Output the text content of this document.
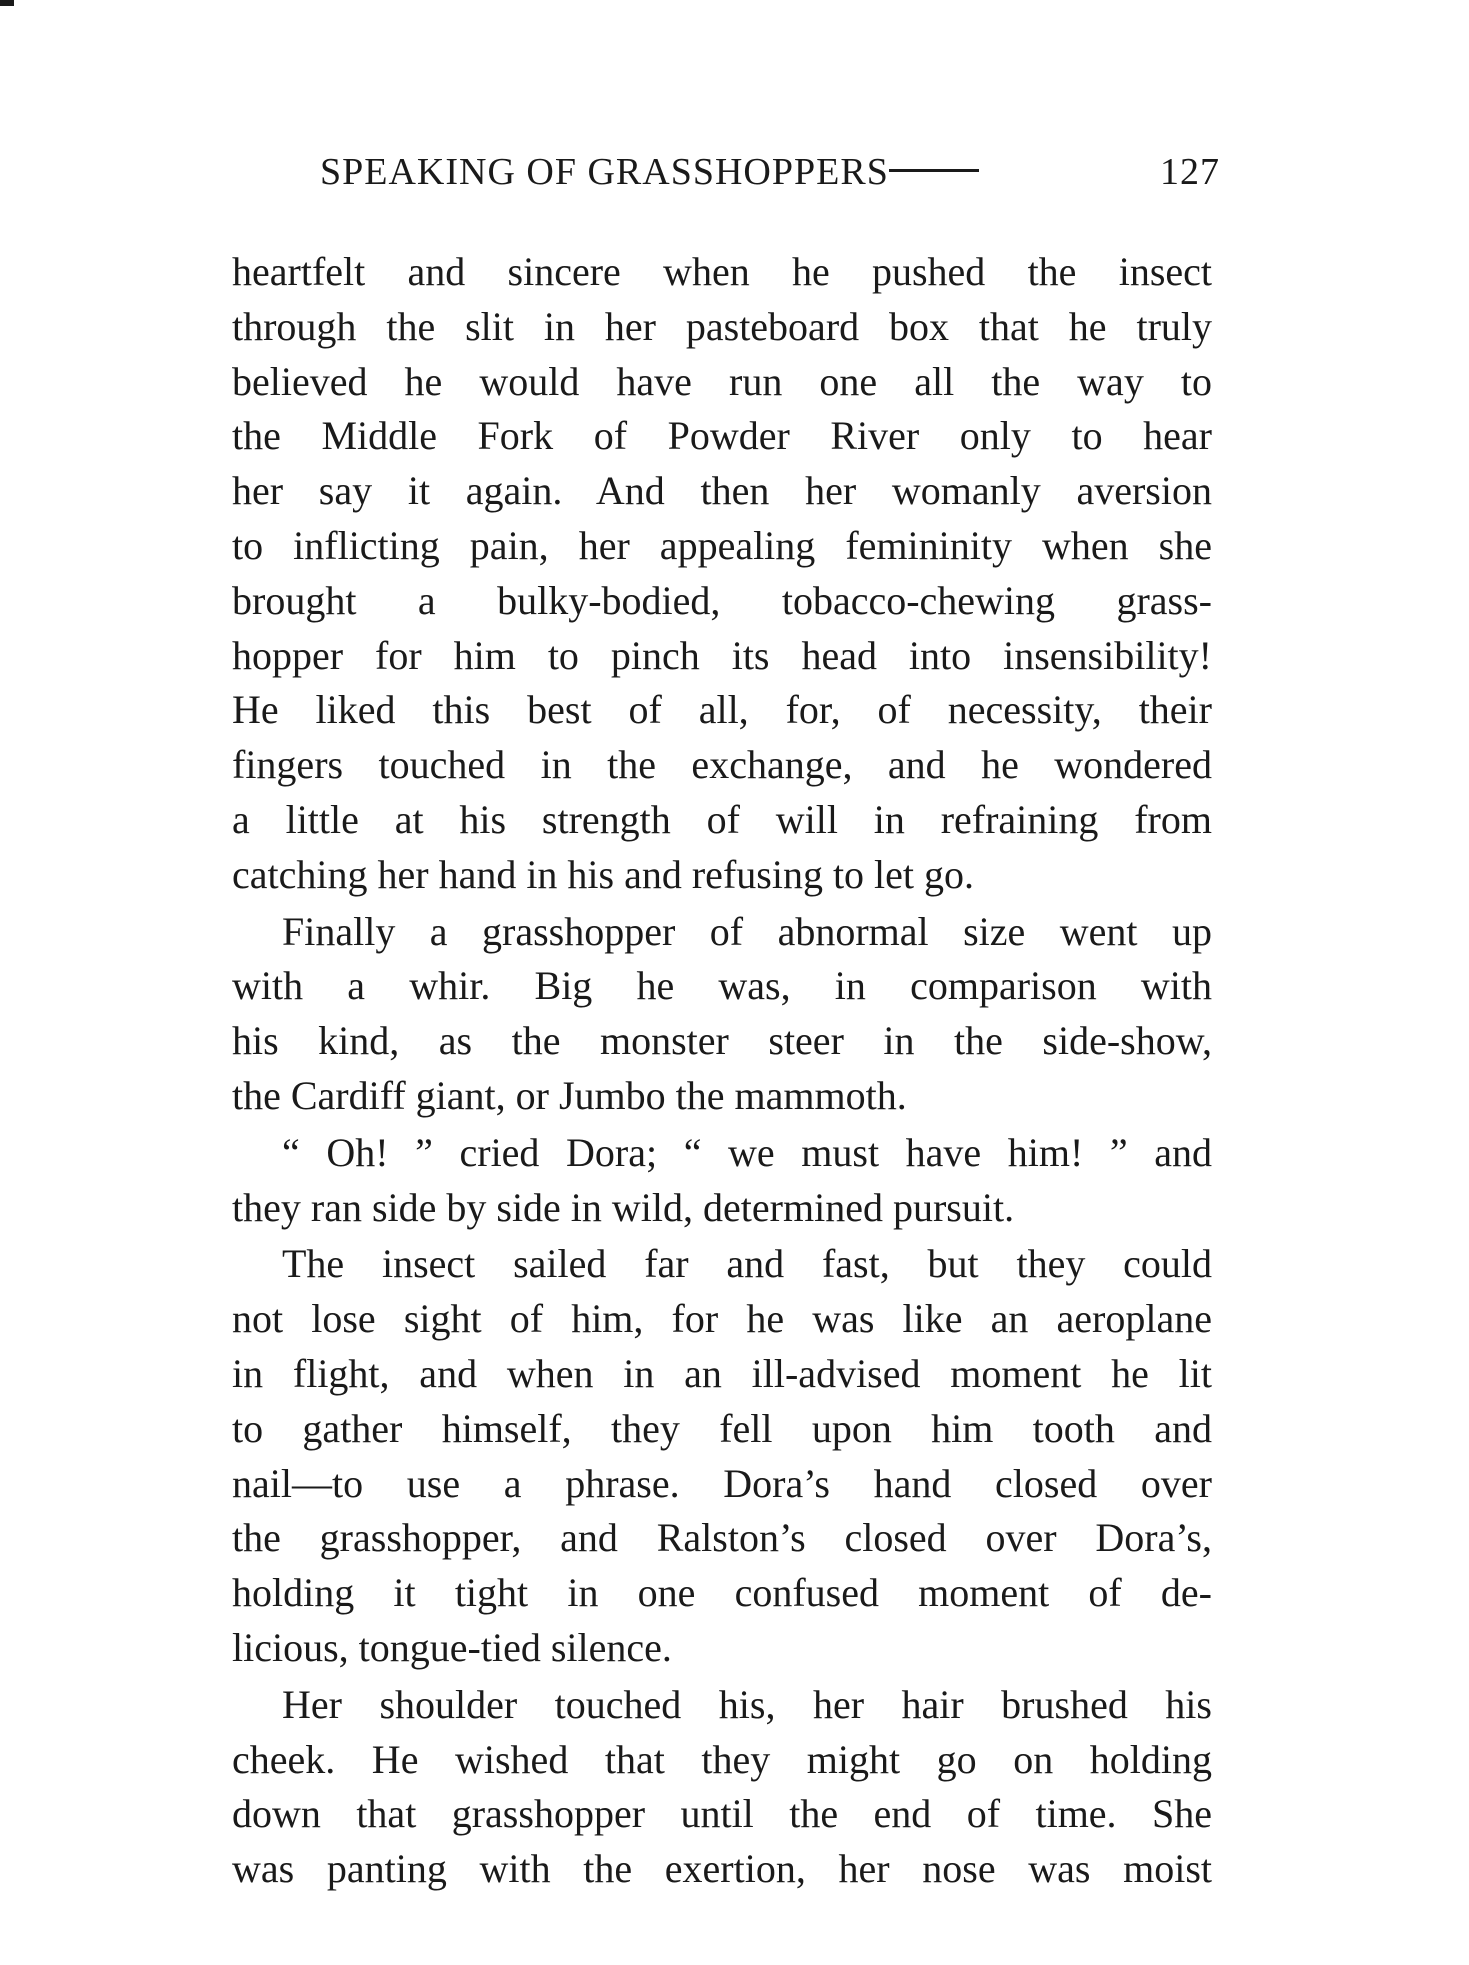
SPEAKING OF GRASSHOPPERS	127
heartfelt and sincere when he pushed the insect
through the slit in her pasteboard box that he truly
believed he would have run one all the way to
the Middle Fork of Powder River only to hear
her say it again. And then her womanly aversion
to inflicting pain, her appealing femininity when she
brought a bulky-bodied, tobacco-chewing grass-
hopper for him to pinch its head into insensibility!
He liked this best of all, for, of necessity, their
fingers touched in the exchange, and he wondered
a little at his strength of will in refraining from
catching her hand in his and refusing to let go.
Finally a grasshopper of abnormal size went up
with a whir. Big he was, in comparison with
his kind, as the monster steer in the side-show,
the Cardiff giant, or Jumbo the mammoth.
“ Oh! ” cried Dora; “ we must have him! ” and
they ran side by side in wild, determined pursuit.
The insect sailed far and fast, but they could
not lose sight of him, for he was like an aeroplane
in flight, and when in an ill-advised moment he lit
to gather himself, they fell upon him tooth and
nail—to use a phrase. Dora’s hand closed over
the grasshopper, and Ralston’s closed over Dora’s,
holding it tight in one confused moment of de-
licious, tongue-tied silence.
Her shoulder touched his, her hair brushed his
cheek. He wished that they might go on holding
down that grasshopper until the end of time. She
was panting with the exertion, her nose was moist
